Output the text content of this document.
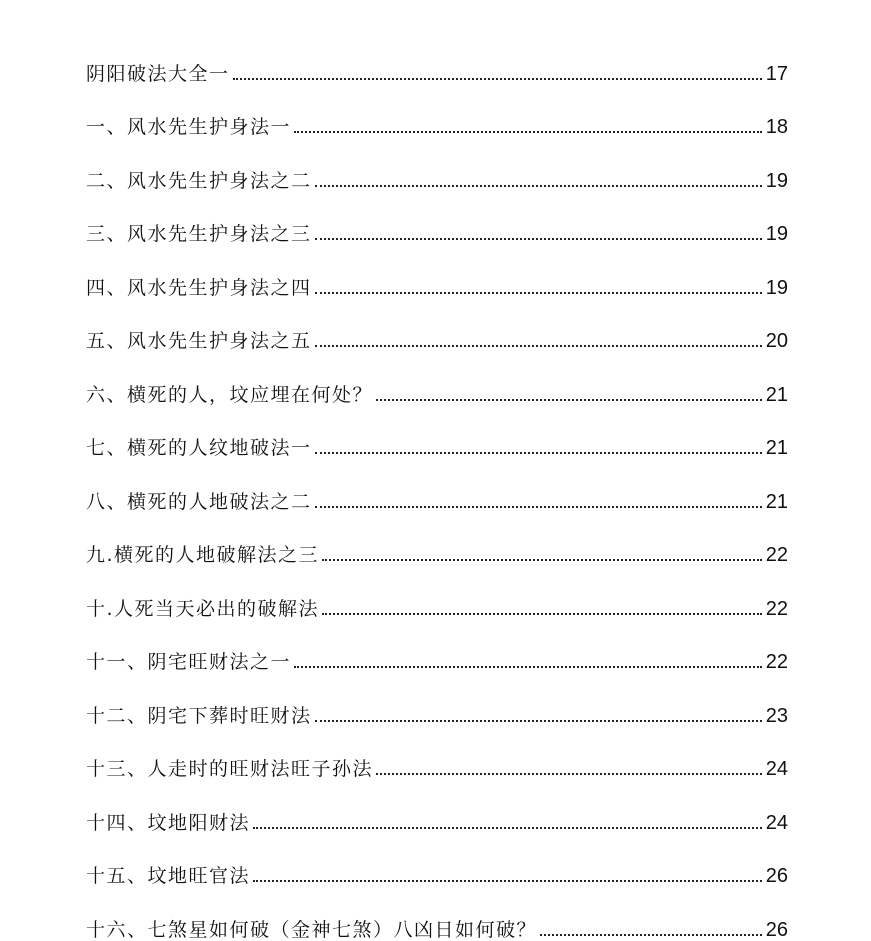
阴阳破法大全一	17
一、风水先生护身法一	18
二、风水先生护身法之二	19
三、风水先生护身法之三	19
四、风水先生护身法之四	19
五、风水先生护身法之五	20
六、横死的人，坟应埋在何处？	21
七、横死的人纹地破法一	21
八、横死的人地破法之二	21
九.横死的人地破解法之三	22
十.人死当天必出的破解法	22
十一、阴宅旺财法之一	22
十二、阴宅下葬时旺财法	23
十三、人走时的旺财法旺子孙法	24
十四、坟地阳财法	24
十五、坟地旺官法	26
十六、七煞星如何破（金神七煞）八凶日如何破？	26
